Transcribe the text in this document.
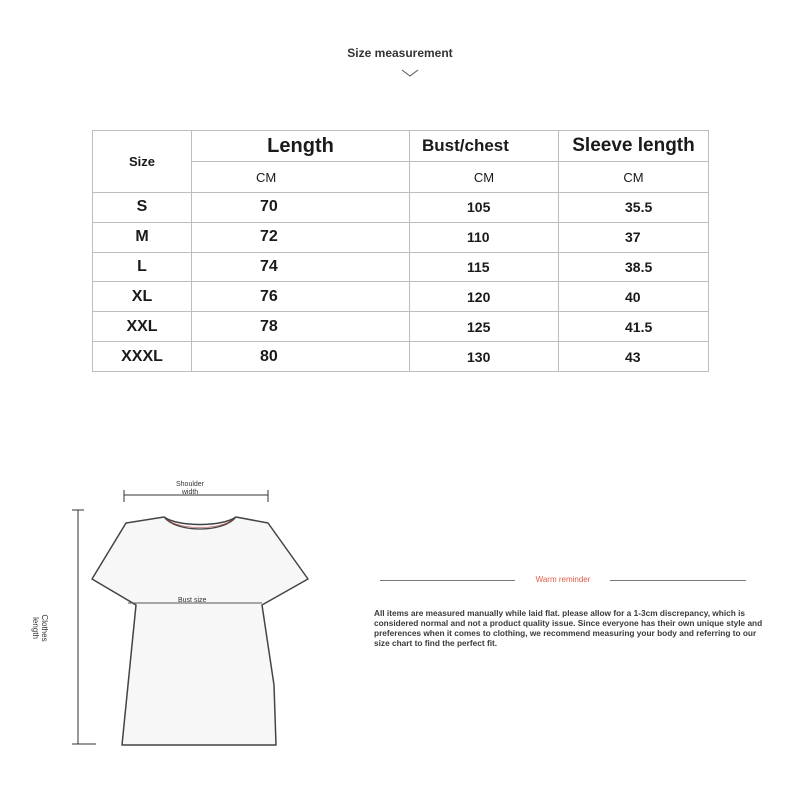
Size measurement
Size	Length	Bust/chest	Sleeve length
	CM	CM	CM
S	70	105	35.5
M	72	110	37
L	74	115	38.5
XL	76	120	40
XXL	78	125	41.5
XXXL	80	130	43
Shoulder
width
Bust size
Clothes
length
Warm reminder
All items are measured manually while laid flat. please allow for a 1-3cm discrepancy, which is considered normal and not a product quality issue. Since everyone has their own unique style and preferences when it comes to clothing, we recommend measuring your body and referring to our size chart to find the perfect fit.
